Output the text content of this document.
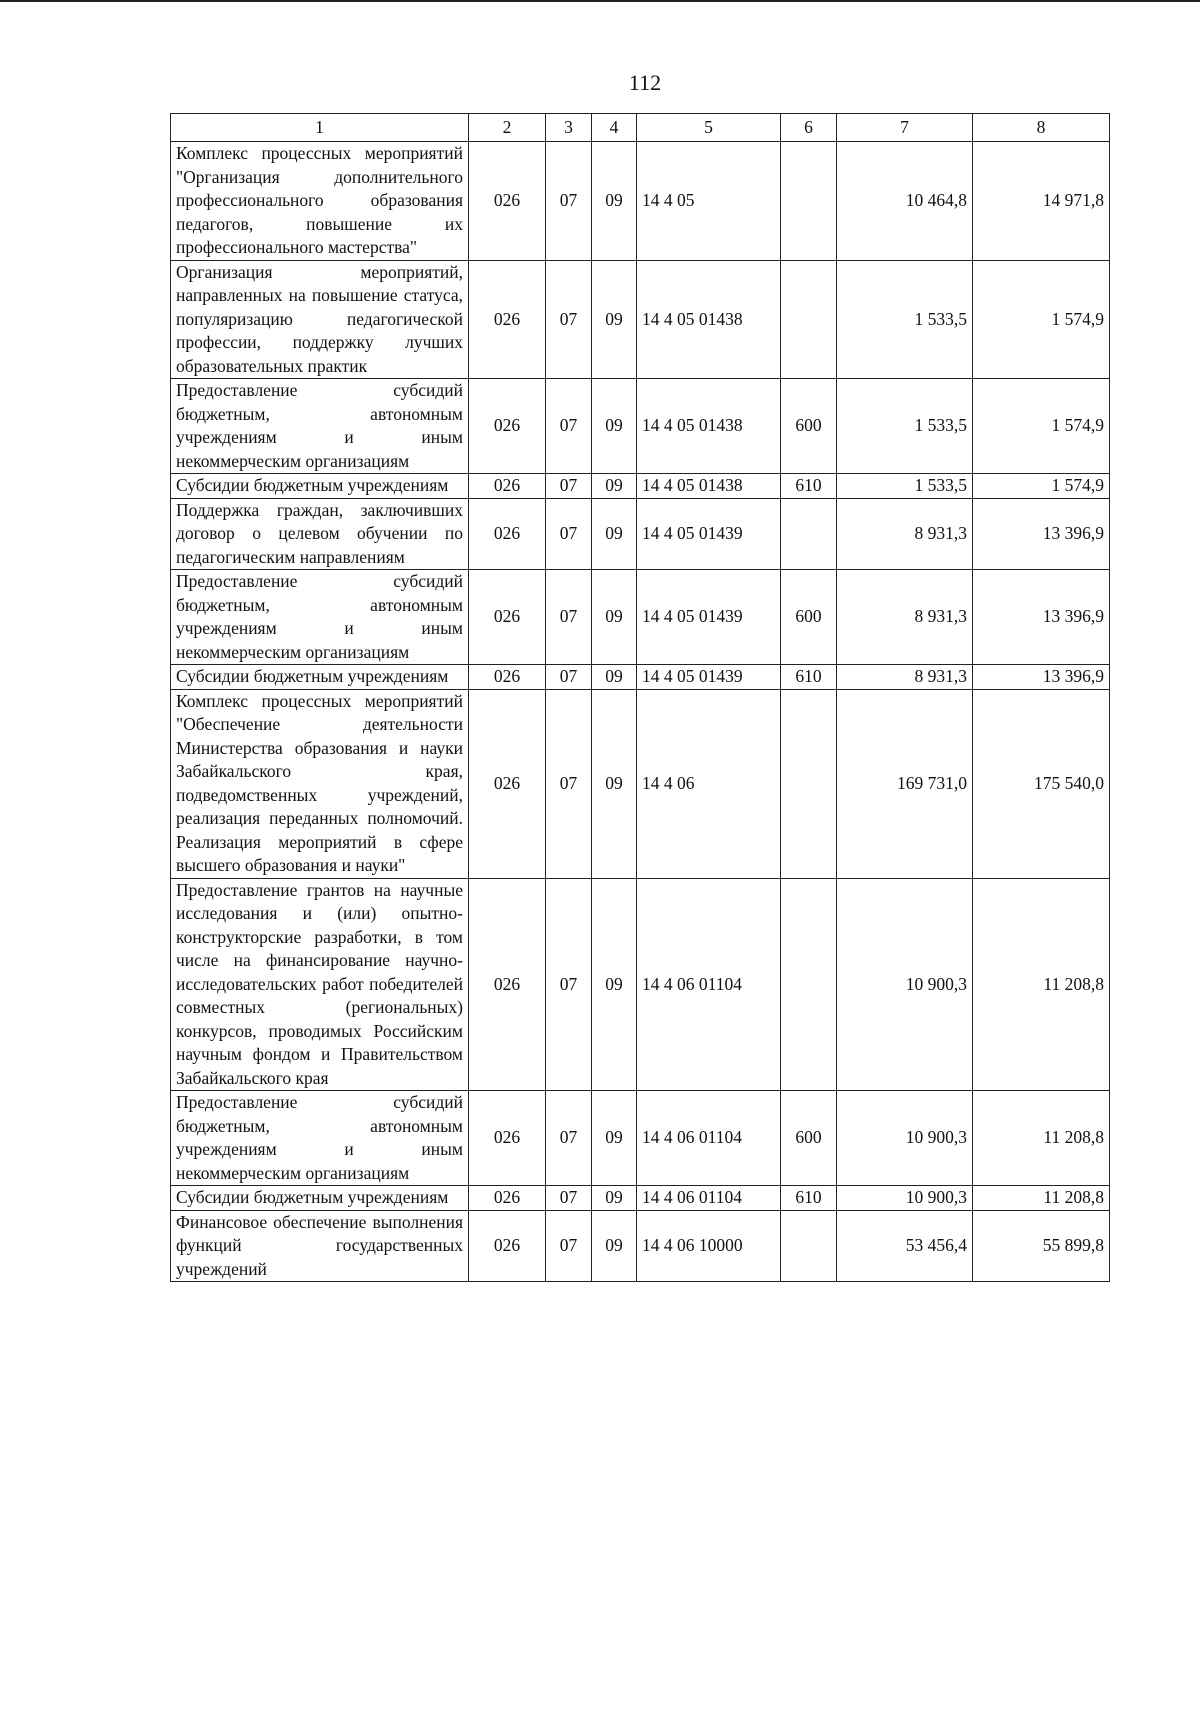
112
1	2	3	4	5	6	7	8
Комплекс процессных мероприятий "Организация дополнительного профессионального образования педагогов, повышение их профессионального мастерства"	026	07	09	14 4 05		10 464,8	14 971,8
Организация мероприятий, направленных на повышение статуса, популяризацию педагогической профессии, поддержку лучших образовательных практик	026	07	09	14 4 05 01438		1 533,5	1 574,9
Предоставление субсидий бюджетным, автономным учреждениям и иным некоммерческим организациям	026	07	09	14 4 05 01438	600	1 533,5	1 574,9
Субсидии бюджетным учреждениям	026	07	09	14 4 05 01438	610	1 533,5	1 574,9
Поддержка граждан, заключивших договор о целевом обучении по педагогическим направлениям	026	07	09	14 4 05 01439		8 931,3	13 396,9
Предоставление субсидий бюджетным, автономным учреждениям и иным некоммерческим организациям	026	07	09	14 4 05 01439	600	8 931,3	13 396,9
Субсидии бюджетным учреждениям	026	07	09	14 4 05 01439	610	8 931,3	13 396,9
Комплекс процессных мероприятий "Обеспечение деятельности Министерства образования и науки Забайкальского края, подведомственных учреждений, реализация переданных полномочий. Реализация мероприятий в сфере высшего образования и науки"	026	07	09	14 4 06		169 731,0	175 540,0
Предоставление грантов на научные исследования и (или) опытно-конструкторские разработки, в том числе на финансирование научно-исследовательских работ победителей совместных (региональных) конкурсов, проводимых Российским научным фондом и Правительством Забайкальского края	026	07	09	14 4 06 01104		10 900,3	11 208,8
Предоставление субсидий бюджетным, автономным учреждениям и иным некоммерческим организациям	026	07	09	14 4 06 01104	600	10 900,3	11 208,8
Субсидии бюджетным учреждениям	026	07	09	14 4 06 01104	610	10 900,3	11 208,8
Финансовое обеспечение выполнения функций государственных учреждений	026	07	09	14 4 06 10000		53 456,4	55 899,8
